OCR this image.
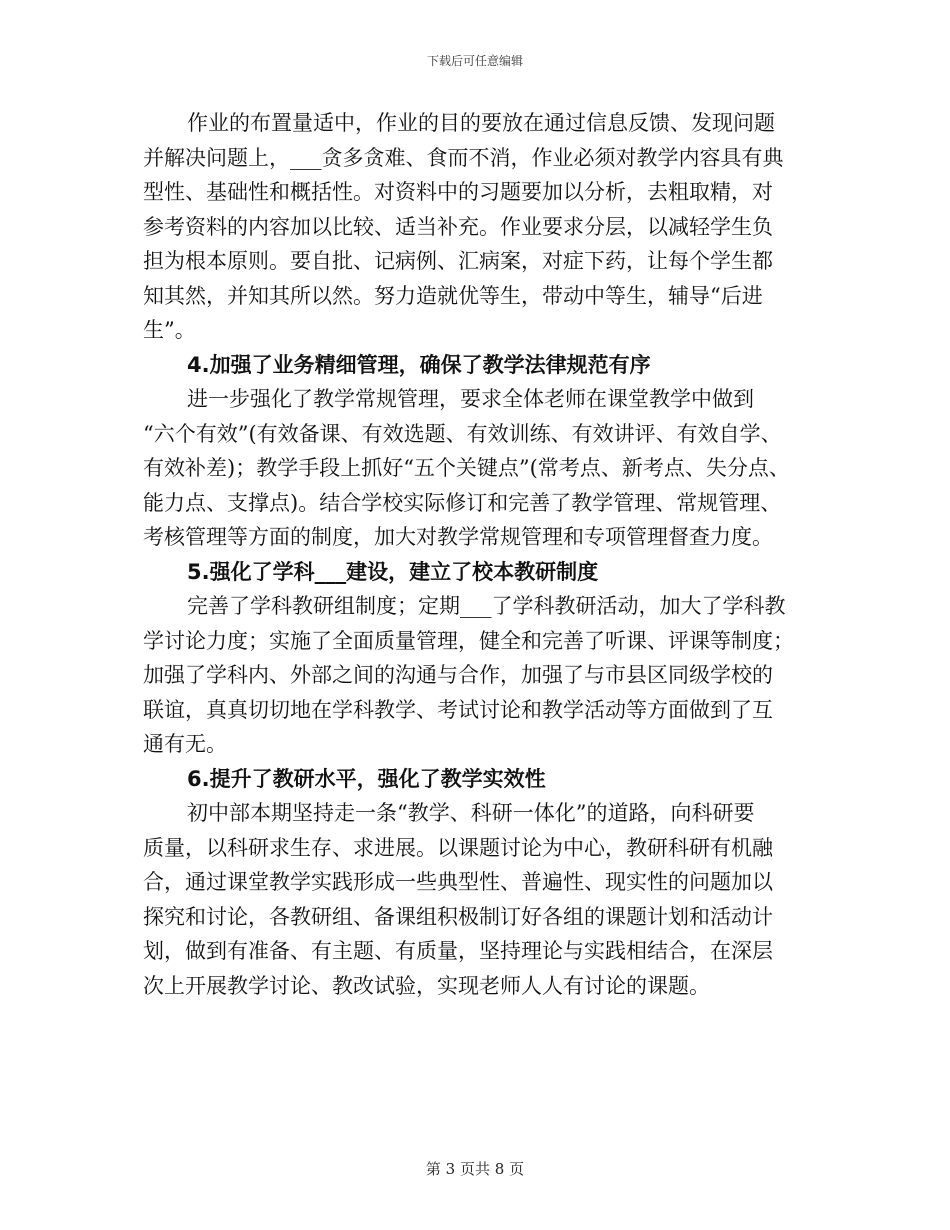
下载后可任意编辑
作业的布置量适中，作业的目的要放在通过信息反馈、发现问题
并解决问题上，___贪多贪难、食而不消，作业必须对教学内容具有典
型性、基础性和概括性。对资料中的习题要加以分析，去粗取精，对
参考资料的内容加以比较、适当补充。作业要求分层，以减轻学生负
担为根本原则。要自批、记病例、汇病案，对症下药，让每个学生都
知其然，并知其所以然。努力造就优等生，带动中等生，辅导“后进
生”。
4.加强了业务精细管理，确保了教学法律规范有序
进一步强化了教学常规管理，要求全体老师在课堂教学中做到
“六个有效”(有效备课、有效选题、有效训练、有效讲评、有效自学、
有效补差)；教学手段上抓好“五个关键点”(常考点、新考点、失分点、
能力点、支撑点)。结合学校实际修订和完善了教学管理、常规管理、
考核管理等方面的制度，加大对教学常规管理和专项管理督查力度。
5.强化了学科___建设，建立了校本教研制度
完善了学科教研组制度；定期___了学科教研活动，加大了学科教
学讨论力度；实施了全面质量管理，健全和完善了听课、评课等制度；
加强了学科内、外部之间的沟通与合作，加强了与市县区同级学校的
联谊，真真切切地在学科教学、考试讨论和教学活动等方面做到了互
通有无。
6.提升了教研水平，强化了教学实效性
初中部本期坚持走一条“教学、科研一体化”的道路，向科研要
质量，以科研求生存、求进展。以课题讨论为中心，教研科研有机融
合，通过课堂教学实践形成一些典型性、普遍性、现实性的问题加以
探究和讨论，各教研组、备课组积极制订好各组的课题计划和活动计
划，做到有准备、有主题、有质量，坚持理论与实践相结合，在深层
次上开展教学讨论、教改试验，实现老师人人有讨论的课题。
第 3 页共 8 页
